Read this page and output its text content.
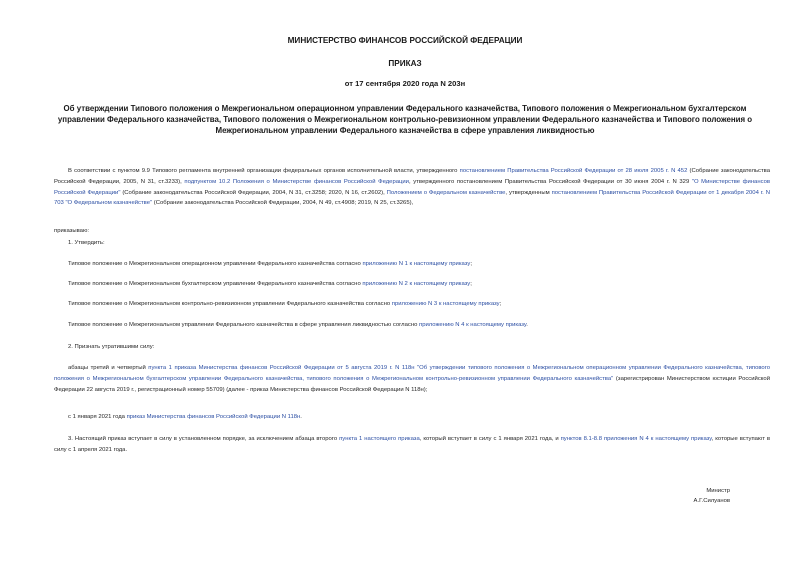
МИНИСТЕРСТВО ФИНАНСОВ РОССИЙСКОЙ ФЕДЕРАЦИИ
ПРИКАЗ
от 17 сентября 2020 года N 203н
Об утверждении Типового положения о Межрегиональном операционном управлении Федерального казначейства, Типового положения о Межрегиональном бухгалтерском управлении Федерального казначейства, Типового положения о Межрегиональном контрольно-ревизионном управлении Федерального казначейства и Типового положения о Межрегиональном управлении Федерального казначейства в сфере управления ликвидностью
В соответствии с пунктом 9.9 Типового регламента внутренней организации федеральных органов исполнительной власти, утвержденного постановлением Правительства Российской Федерации от 28 июля 2005 г. N 452 (Собрание законодательства Российской Федерации, 2005, N 31, ст.3233), подпунктом 10.2 Положения о Министерстве финансов Российской Федерации, утвержденного постановлением Правительства Российской Федерации от 30 июня 2004 г. N 329 "О Министерстве финансов Российской Федерации" (Собрание законодательства Российской Федерации, 2004, N 31, ст.3258; 2020, N 16, ст.2602), Положением о Федеральном казначействе, утвержденным постановлением Правительства Российской Федерации от 1 декабря 2004 г. N 703 "О Федеральном казначействе" (Собрание законодательства Российской Федерации, 2004, N 49, ст.4908; 2019, N 25, ст.3265),
приказываю:
1. Утвердить:
Типовое положение о Межрегиональном операционном управлении Федерального казначейства согласно приложению N 1 к настоящему приказу;
Типовое положение о Межрегиональном бухгалтерском управлении Федерального казначейства согласно приложению N 2 к настоящему приказу;
Типовое положение о Межрегиональном контрольно-ревизионном управлении Федерального казначейства согласно приложению N 3 к настоящему приказу;
Типовое положение о Межрегиональном управлении Федерального казначейства в сфере управления ликвидностью согласно приложению N 4 к настоящему приказу.
2. Признать утратившими силу:
абзацы третий и четвертый пункта 1 приказа Министерства финансов Российской Федерации от 5 августа 2019 г. N 118н "Об утверждении типового положения о Межрегиональном операционном управлении Федерального казначейства, типового положения о Межрегиональном бухгалтерском управлении Федерального казначейства, типового положения о Межрегиональном контрольно-ревизионном управлении Федерального казначейства" (зарегистрирован Министерством юстиции Российской Федерации 22 августа 2019 г., регистрационный номер 55709) (далее - приказ Министерства финансов Российской Федерации N 118н);
с 1 января 2021 года приказ Министерства финансов Российской Федерации N 118н.
3. Настоящий приказ вступает в силу в установленном порядке, за исключением абзаца второго пункта 1 настоящего приказа, который вступает в силу с 1 января 2021 года, и пунктов 8.1-8.8 приложения N 4 к настоящему приказу, которые вступают в силу с 1 апреля 2021 года.
Министр
А.Г.Силуанов
